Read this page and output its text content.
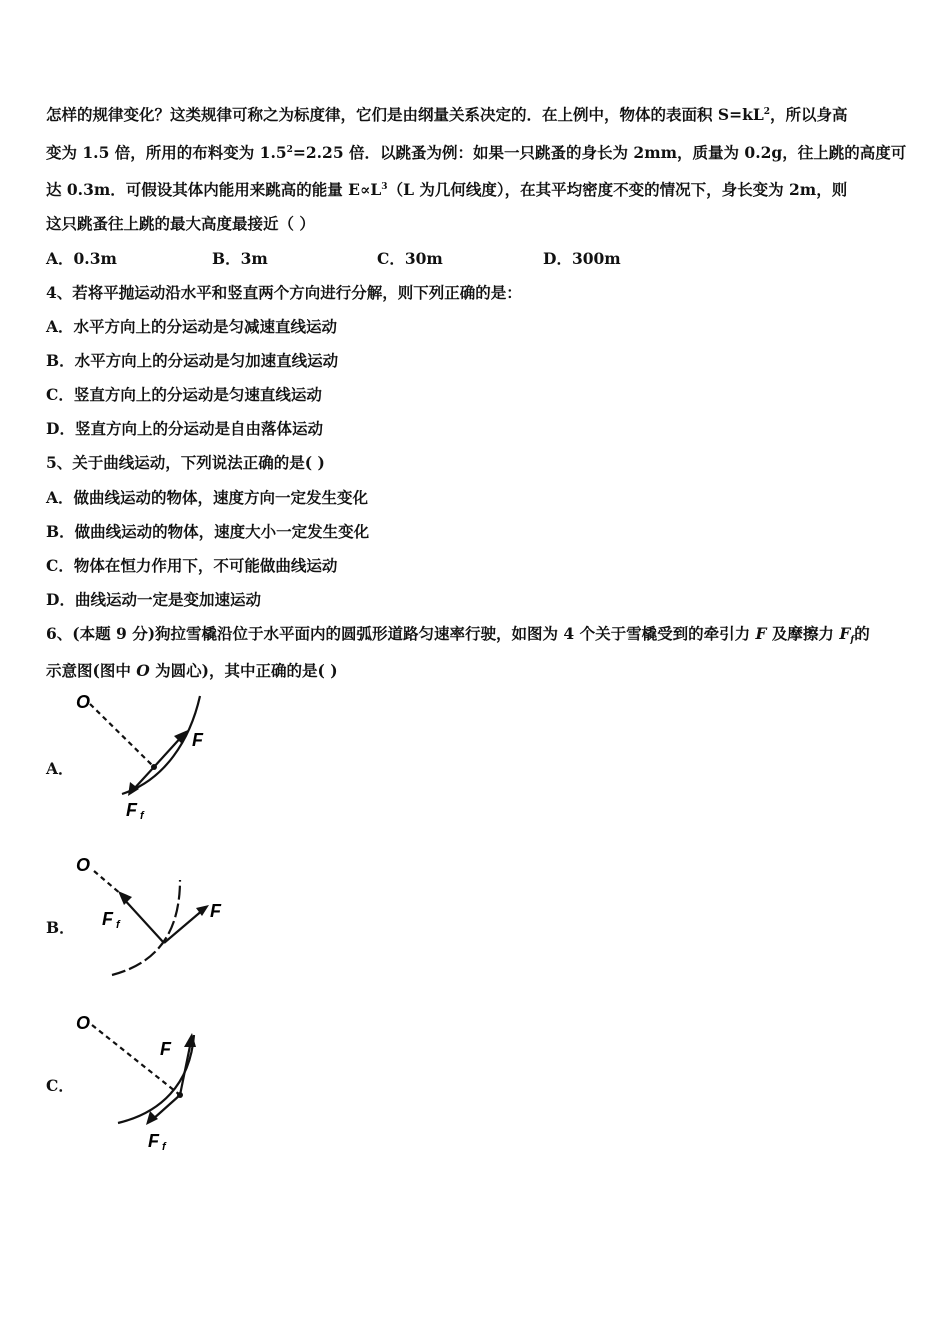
怎样的规律变化？这类规律可称之为标度律，它们是由纲量关系决定的．在上例中，物体的表面积 $S=kL^2$，所以身高
变为 1.5 倍，所用的布料变为 $1.5^2=2.25$ 倍．以跳蚤为例：如果一只跳蚤的身长为 2mm，质量为 0.2g，往上跳的高度可
达 0.3m．可假设其体内能用来跳高的能量 $E\propto L^3(L$ 为几何线度），在其平均密度不变的情况下，身长变为 2m，则
这只跳蚤往上跳的最大高度最接近（ ）
A．0.3m	B．3m	C．30m	D．300m
4、若将平抛运动沿水平和竖直两个方向进行分解，则下列正确的是：
A．水平方向上的分运动是匀减速直线运动
B．水平方向上的分运动是匀加速直线运动
C．竖直方向上的分运动是匀速直线运动
D．竖直方向上的分运动是自由落体运动
5、关于曲线运动，下列说法正确的是( )
A．做曲线运动的物体，速度方向一定发生变化
B．做曲线运动的物体，速度大小一定发生变化
C．物体在恒力作用下，不可能做曲线运动
D．曲线运动一定是变加速运动
6、(本题 9 分)狗拉雪橇沿位于水平面内的圆弧形道路匀速率行驶，如图为 4 个关于雪橇受到的牵引力 F 及摩擦力 $F_f$的
示意图(图中 O 为圆心)，其中正确的是( )
A．
O
F
F f
B．
O
F
F f
C．
O
F
F f
